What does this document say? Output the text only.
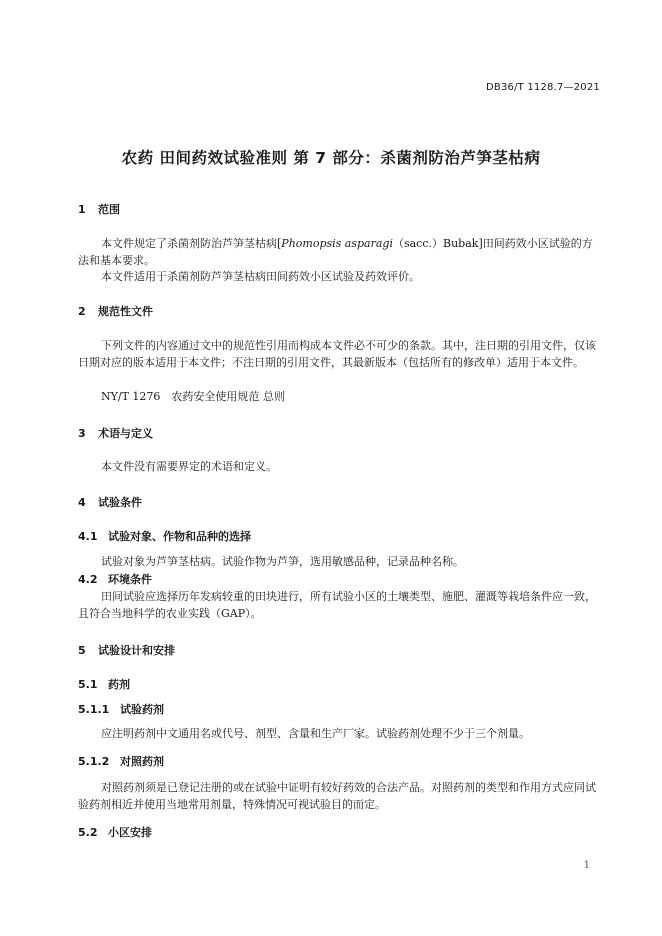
DB36/T 1128.7—2021
农药 田间药效试验准则 第 7 部分：杀菌剂防治芦笋茎枯病
1 范围

本文件规定了杀菌剂防治芦笋茎枯病[Phomopsis asparagi（sacc.）Bubak]田间药效小区试验的方法和基本要求。

本文件适用于杀菌剂防芦笋茎枯病田间药效小区试验及药效评价。

2 规范性文件

下列文件的内容通过文中的规范性引用而构成本文件必不可少的条款。其中，注日期的引用文件，仅该日期对应的版本适用于本文件；不注日期的引用文件，其最新版本（包括所有的修改单）适用于本文件。

NY/T 1276　农药安全使用规范 总则

3 术语与定义

本文件没有需要界定的术语和定义。

4 试验条件
4.1 试验对象、作物和品种的选择

试验对象为芦笋茎枯病。试验作物为芦笋，选用敏感品种，记录品种名称。

4.2 环境条件

田间试验应选择历年发病较重的田块进行，所有试验小区的土壤类型、施肥、灌溉等栽培条件应一致，且符合当地科学的农业实践（GAP）。

5 试验设计和安排
5.1 药剂
5.1.1 试验药剂

应注明药剂中文通用名或代号、剂型、含量和生产厂家。试验药剂处理不少于三个剂量。

5.1.2 对照药剂

对照药剂须是已登记注册的或在试验中证明有较好药效的合法产品。对照药剂的类型和作用方式应同试验药剂相近并使用当地常用剂量，特殊情况可视试验目的而定。

5.2 小区安排
1
